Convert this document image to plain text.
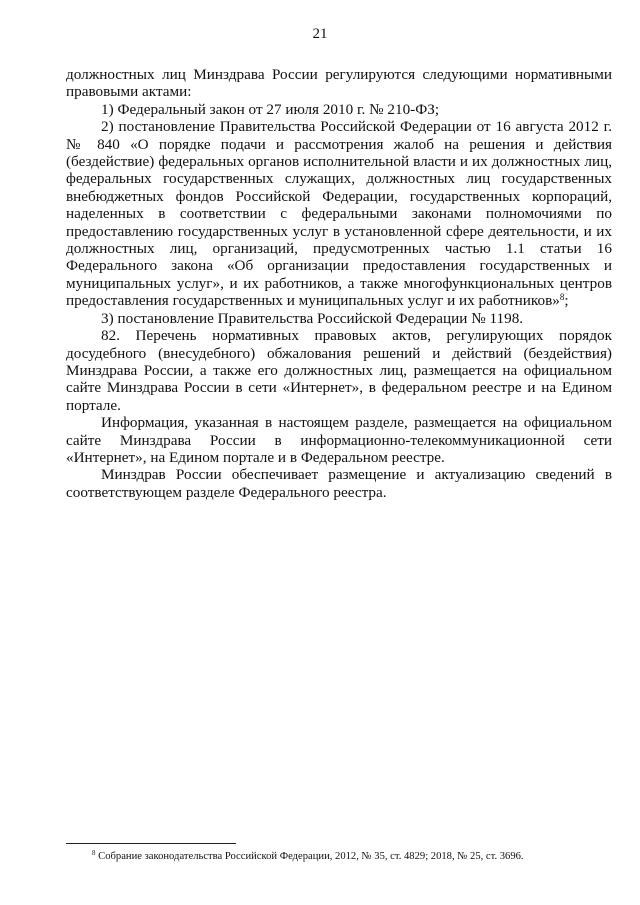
21

должностных лиц Минздрава России регулируются следующими нормативными правовыми актами:

1) Федеральный закон от 27 июля 2010 г. № 210-ФЗ;

2) постановление Правительства Российской Федерации от 16 августа 2012 г. № 840 «О порядке подачи и рассмотрения жалоб на решения и действия (бездействие) федеральных органов исполнительной власти и их должностных лиц, федеральных государственных служащих, должностных лиц государственных внебюджетных фондов Российской Федерации, государственных корпораций, наделенных в соответствии с федеральными законами полномочиями по предоставлению государственных услуг в установленной сфере деятельности, и их должностных лиц, организаций, предусмотренных частью 1.1 статьи 16 Федерального закона «Об организации предоставления государственных и муниципальных услуг», и их работников, а также многофункциональных центров предоставления государственных и муниципальных услуг и их работников»$^8$;

3) постановление Правительства Российской Федерации № 1198.

82. Перечень нормативных правовых актов, регулирующих порядок досудебного (внесудебного) обжалования решений и действий (бездействия) Минздрава России, а также его должностных лиц, размещается на официальном сайте Минздрава России в сети «Интернет», в федеральном реестре и на Едином портале.

Информация, указанная в настоящем разделе, размещается на официальном сайте Минздрава России в информационно-телекоммуникационной сети «Интернет», на Едином портале и в Федеральном реестре.

Минздрав России обеспечивает размещение и актуализацию сведений в соответствующем разделе Федерального реестра.

$^8$ Собрание законодательства Российской Федерации, 2012, № 35, ст. 4829; 2018, № 25, ст. 3696.
